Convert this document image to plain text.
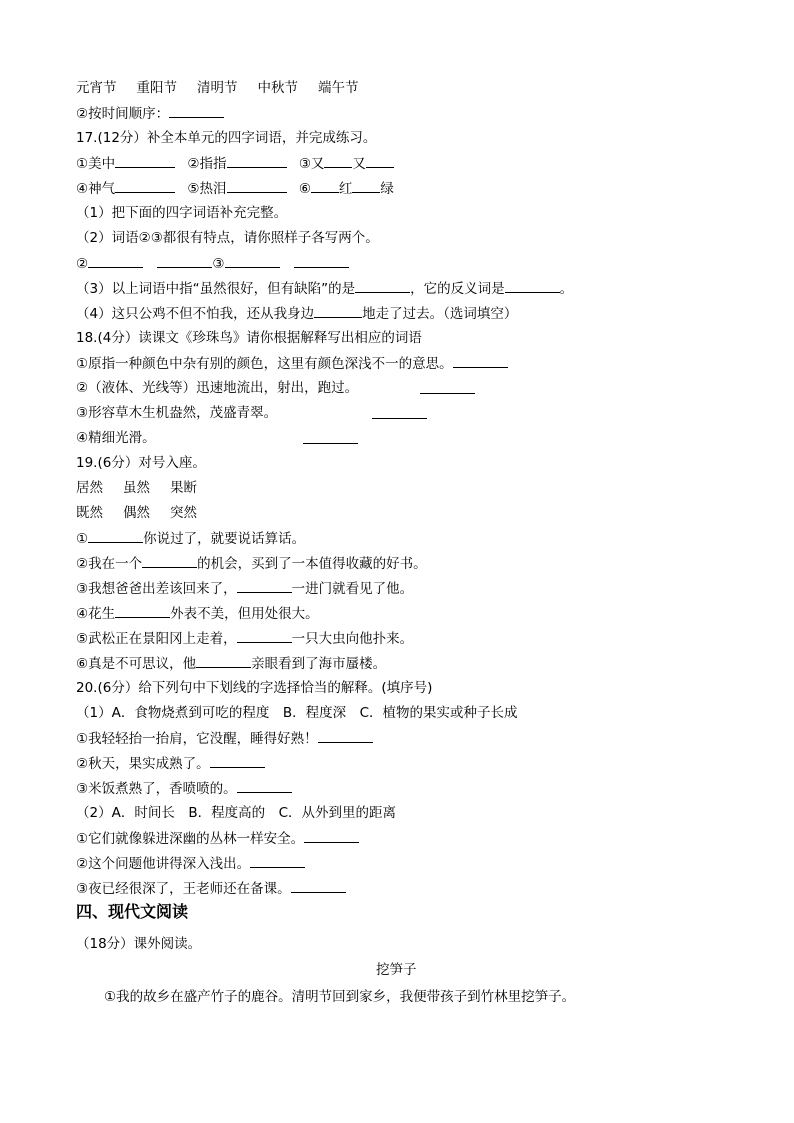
元宵节 重阳节 清明节 中秋节 端午节
②按时间顺序：
17.(12分）补全本单元的四字词语，并完成练习。
①美中	②指指	③又 又
④神气	⑤热泪	⑥ 红 绿
（1）把下面的四字词语补充完整。
（2）词语②③都很有特点，请你照样子各写两个。
②	③
（3）以上词语中指“虽然很好，但有缺陷”的是	，它的反义词是	。
（4）这只公鸡不但不怕我，还从我身边	地走了过去。（选词填空）
18.(4分）读课文《珍珠鸟》请你根据解释写出相应的词语
①原指一种颜色中杂有别的颜色，这里有颜色深浅不一的意思。
②（液体、光线等）迅速地流出，射出，跑过。
③形容草木生机盎然，茂盛青翠。
④精细光滑。
19.(6分）对号入座。
居然 虽然 果断
既然 偶然 突然
①	你说过了，就要说话算话。
②我在一个	的机会，买到了一本值得收藏的好书。
③我想爸爸出差该回来了，	一进门就看见了他。
④花生	外表不美，但用处很大。
⑤武松正在景阳冈上走着，	一只大虫向他扑来。
⑥真是不可思议，他	亲眼看到了海市蜃楼。
20.(6分）给下列句中下划线的字选择恰当的解释。(填序号)
（1）A．食物烧煮到可吃的程度　B．程度深　C．植物的果实或种子长成
①我轻轻抬一抬肩，它没醒，睡得好熟！
②秋天，果实成熟了。
③米饭煮熟了，香喷喷的。
（2）A．时间长　B．程度高的　C．从外到里的距离
①它们就像躲进深幽的丛林一样安全。
②这个问题他讲得深入浅出。
③夜已经很深了，王老师还在备课。
四、现代文阅读
（18分）课外阅读。
挖笋子
①我的故乡在盛产竹子的鹿谷。清明节回到家乡，我便带孩子到竹林里挖笋子。
